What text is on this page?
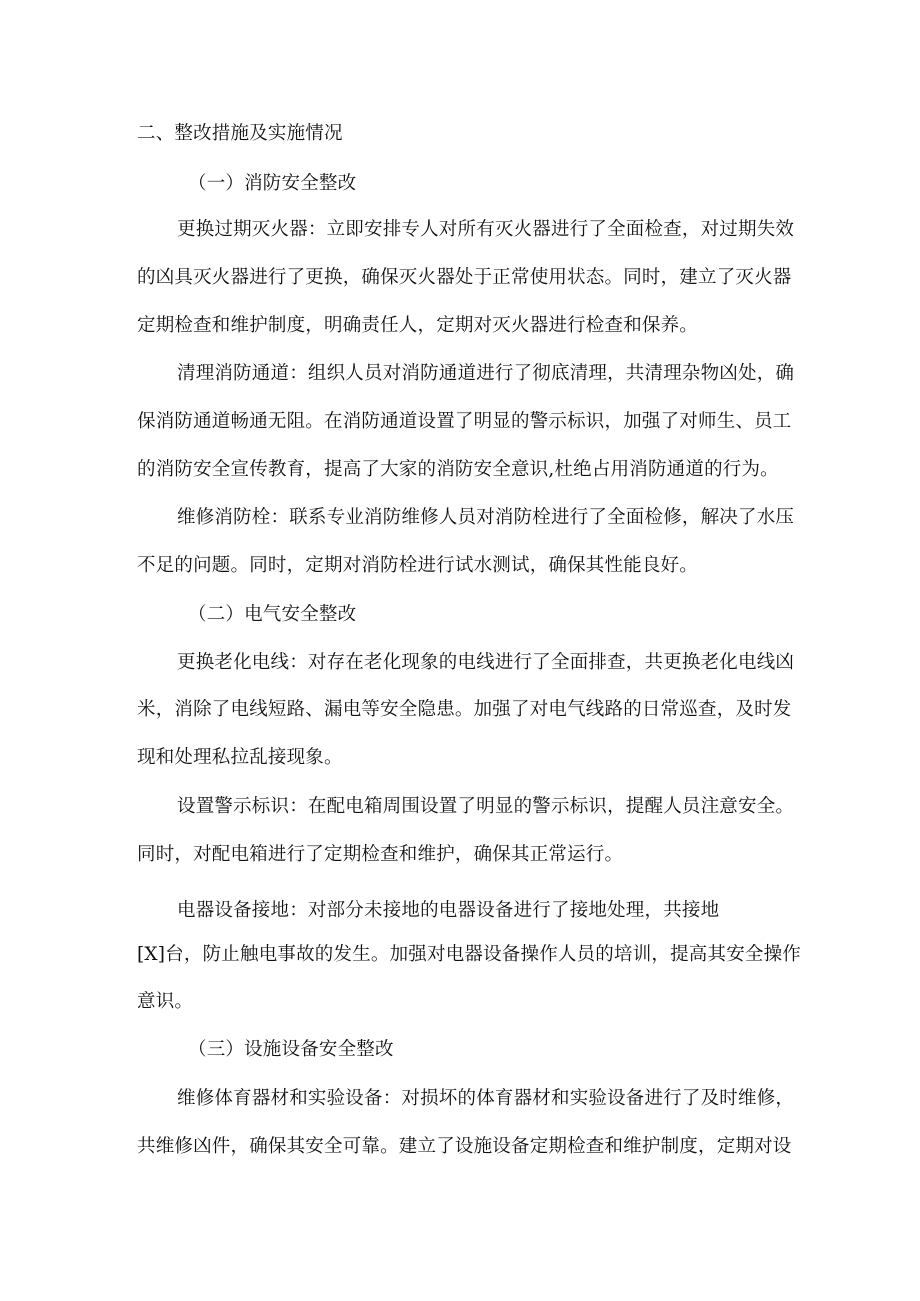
二、整改措施及实施情况
（一）消防安全整改
更换过期灭火器：立即安排专人对所有灭火器进行了全面检查，对过期失效
的凶具灭火器进行了更换，确保灭火器处于正常使用状态。同时，建立了灭火器
定期检查和维护制度，明确责任人，定期对灭火器进行检查和保养。
清理消防通道：组织人员对消防通道进行了彻底清理，共清理杂物凶处，确
保消防通道畅通无阻。在消防通道设置了明显的警示标识，加强了对师生、员工
的消防安全宣传教育，提高了大家的消防安全意识,杜绝占用消防通道的行为。
维修消防栓：联系专业消防维修人员对消防栓进行了全面检修，解决了水压
不足的问题。同时，定期对消防栓进行试水测试，确保其性能良好。
（二）电气安全整改
更换老化电线：对存在老化现象的电线进行了全面排查，共更换老化电线凶
米，消除了电线短路、漏电等安全隐患。加强了对电气线路的日常巡查，及时发
现和处理私拉乱接现象。
设置警示标识：在配电箱周围设置了明显的警示标识，提醒人员注意安全。
同时，对配电箱进行了定期检查和维护，确保其正常运行。
电器设备接地：对部分未接地的电器设备进行了接地处理，共接地
[X]台，防止触电事故的发生。加强对电器设备操作人员的培训，提高其安全操作
意识。
（三）设施设备安全整改
维修体育器材和实验设备：对损坏的体育器材和实验设备进行了及时维修，
共维修凶件，确保其安全可靠。建立了设施设备定期检查和维护制度，定期对设
